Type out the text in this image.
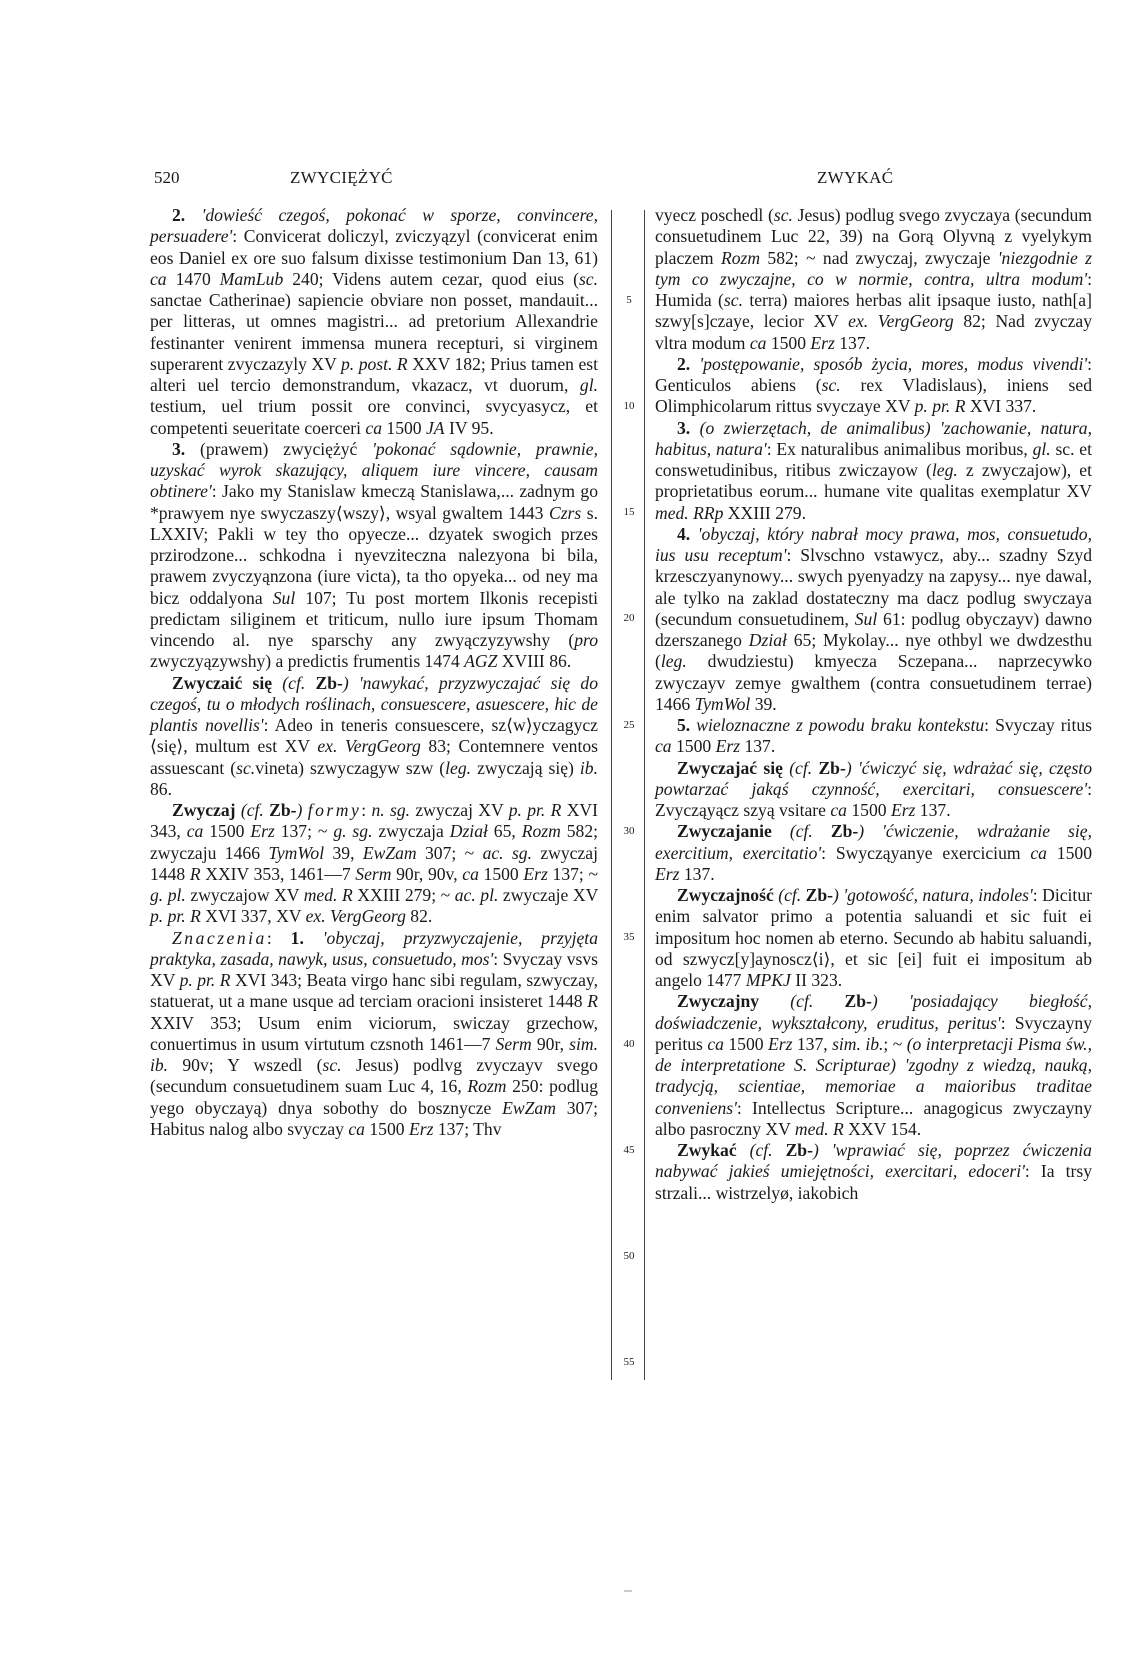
520	ZWYCIĘŻYĆ	ZWYKAĆ
5
10
15
20
25
30
35
40
45
50
55

2. 'dowieść czegoś, pokonać w sporze, convincere, persuadere': Convicerat doliczyl, zviczyązyl (convicerat enim eos Daniel ex ore suo falsum dixisse testimonium Dan 13, 61) ca 1470 MamLub 240; Videns autem cezar, quod eius (sc. sanctae Catherinae) sapiencie obviare non posset, mandauit... per litteras, ut omnes magistri... ad pretorium Allexandrie festinanter venirent immensa munera recepturi, si virginem superarent zvyczazyly XV p. post. R XXV 182; Prius tamen est alteri uel tercio demonstrandum, vkazacz, vt duorum, gl. testium, uel trium possit ore convinci, svycyasycz, et competenti seueritate coerceri ca 1500 JA IV 95.

3. (prawem) zwyciężyć 'pokonać sądownie, prawnie, uzyskać wyrok skazujący, aliquem iure vincere, causam obtinere': Jako my Stanislaw kmeczą Stanislawa,... zadnym go *prawyem nye swyczaszy⟨wszy⟩, wsyal gwaltem 1443 Czrs s. LXXIV; Pakli w tey tho opyecze... dzyatek swogich przes przirodzone... schkodna i nyevziteczna nalezyona bi bila, prawem zvyczyąnzona (iure victa), ta tho opyeka... od ney ma bicz oddalyona Sul 107; Tu post mortem Ilkonis recepisti predictam siliginem et triticum, nullo iure ipsum Thomam vincendo al. nye sparschy any zwyączyzywshy (pro zwyczyązywshy) a predictis frumentis 1474 AGZ XVIII 86.

Zwyczaić się (cf. Zb-) 'nawykać, przyzwyczajać się do czegoś, tu o młodych roślinach, consuescere, asuescere, hic de plantis novellis': Adeo in teneris consuescere, sz⟨w⟩yczagycz ⟨się⟩, multum est XV ex. VergGeorg 83; Contemnere ventos assuescant (sc.vineta) szwyczagyw szw (leg. zwyczają się) ib. 86.

Zwyczaj (cf. Zb-) formy: n. sg. zwyczaj XV p. pr. R XVI 343, ca 1500 Erz 137; ~ g. sg. zwyczaja Dział 65, Rozm 582; zwyczaju 1466 TymWol 39, EwZam 307; ~ ac. sg. zwyczaj 1448 R XXIV 353, 1461—7 Serm 90r, 90v, ca 1500 Erz 137; ~ g. pl. zwyczajow XV med. R XXIII 279; ~ ac. pl. zwyczaje XV p. pr. R XVI 337, XV ex. VergGeorg 82.

Znaczenia: 1. 'obyczaj, przyzwyczajenie, przyjęta praktyka, zasada, nawyk, usus, consuetudo, mos': Svyczay vsvs XV p. pr. R XVI 343; Beata virgo hanc sibi regulam, szwyczay, statuerat, ut a mane usque ad terciam oracioni insisteret 1448 R XXIV 353; Usum enim viciorum, swiczay grzechow, conuertimus in usum virtutum czsnoth 1461—7 Serm 90r, sim. ib. 90v; Y wszedl (sc. Jesus) podlvg zvyczayv svego (secundum consuetudinem suam Luc 4, 16, Rozm 250: podlug yego obyczayą) dnya sobothy do bosznycze EwZam 307; Habitus nalog albo svyczay ca 1500 Erz 137; Thv

vyecz poschedl (sc. Jesus) podlug svego zvyczaya (secundum consuetudinem Luc 22, 39) na Gorą Olyvną z vyelykym placzem Rozm 582; ~ nad zwyczaj, zwyczaje 'niezgodnie z tym co zwyczajne, co w normie, contra, ultra modum': Humida (sc. terra) maiores herbas alit ipsaque iusto, nath[a] szwy[s]czaye, lecior XV ex. VergGeorg 82; Nad zvyczay vltra modum ca 1500 Erz 137.

2. 'postępowanie, sposób życia, mores, modus vivendi': Genticulos abiens (sc. rex Vladislaus), iniens sed Olimphicolarum rittus svyczaye XV p. pr. R XVI 337.

3. (o zwierzętach, de animalibus) 'zachowanie, natura, habitus, natura': Ex naturalibus animalibus moribus, gl. sc. et conswetudinibus, ritibus zwiczayow (leg. z zwyczajow), et proprietatibus eorum... humane vite qualitas exemplatur XV med. RRp XXIII 279.

4. 'obyczaj, który nabrał mocy prawa, mos, consuetudo, ius usu receptum': Slvschno vstawycz, aby... szadny Szyd krzesczyanynowy... swych pyenyadzy na zapysy... nye dawal, ale tylko na zaklad dostateczny ma dacz podlug swyczaya (secundum consuetudinem, Sul 61: podlug obyczayv) dawno dzerszanego Dział 65; Mykolay... nye othbyl we dwdzesthu (leg. dwudziestu) kmyecza Sczepana... naprzecywko zwyczayv zemye gwalthem (contra consuetudinem terrae) 1466 TymWol 39.

5. wieloznaczne z powodu braku kontekstu: Svyczay ritus ca 1500 Erz 137.

Zwyczajać się (cf. Zb-) 'ćwiczyć się, wdrażać się, często powtarzać jakąś czynność, exercitari, consuescere': Zvycząyącz szyą vsitare ca 1500 Erz 137.

Zwyczajanie (cf. Zb-) 'ćwiczenie, wdrażanie się, exercitium, exercitatio': Swycząyanye exercicium ca 1500 Erz 137.

Zwyczajność (cf. Zb-) 'gotowość, natura, indoles': Dicitur enim salvator primo a potentia saluandi et sic fuit ei impositum hoc nomen ab eterno. Secundo ab habitu saluandi, od szwycz[y]aynoscz⟨i⟩, et sic [ei] fuit ei impositum ab angelo 1477 MPKJ II 323.

Zwyczajny (cf. Zb-) 'posiadający biegłość, doświadczenie, wykształcony, eruditus, peritus': Svyczayny peritus ca 1500 Erz 137, sim. ib.; ~ (o interpretacji Pisma św., de interpretatione S. Scripturae) 'zgodny z wiedzą, nauką, tradycją, scientiae, memoriae a maioribus traditae conveniens': Intellectus Scripture... anagogicus zwyczayny albo pasroczny XV med. R XXV 154.

Zwykać (cf. Zb-) 'wprawiać się, poprzez ćwiczenia nabywać jakieś umiejętności, exercitari, edoceri': Ia trsy strzali... wistrzelyø, iakobich
